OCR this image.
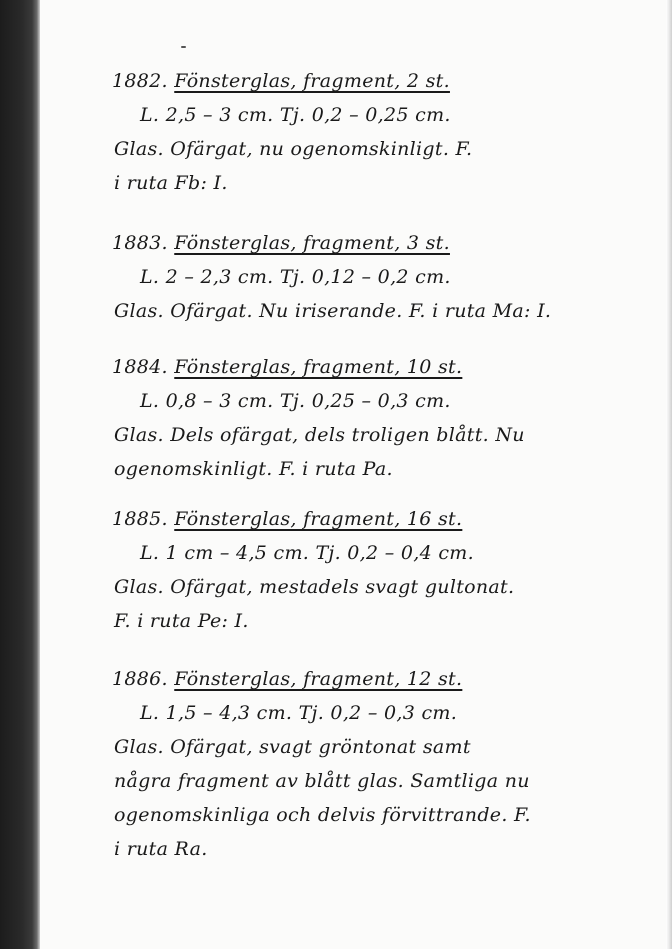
1882. Fönsterglas, fragment, 2 st.
L. 2,5 – 3 cm. Tj. 0,2 – 0,25 cm.
Glas. Ofärgat, nu ogenomskinligt. F.
i ruta Fb: I.
1883. Fönsterglas, fragment, 3 st.
L. 2 – 2,3 cm. Tj. 0,12 – 0,2 cm.
Glas. Ofärgat. Nu iriserande. F. i ruta Ma: I.
1884. Fönsterglas, fragment, 10 st.
L. 0,8 – 3 cm. Tj. 0,25 – 0,3 cm.
Glas. Dels ofärgat, dels troligen blått. Nu
ogenomskinligt. F. i ruta Pa.
1885. Fönsterglas, fragment, 16 st.
L. 1 cm – 4,5 cm. Tj. 0,2 – 0,4 cm.
Glas. Ofärgat, mestadels svagt gultonat.
F. i ruta Pe: I.
1886. Fönsterglas, fragment, 12 st.
L. 1,5 – 4,3 cm. Tj. 0,2 – 0,3 cm.
Glas. Ofärgat, svagt gröntonat samt
några fragment av blått glas. Samtliga nu
ogenomskinliga och delvis förvittrande. F.
i ruta Ra.
